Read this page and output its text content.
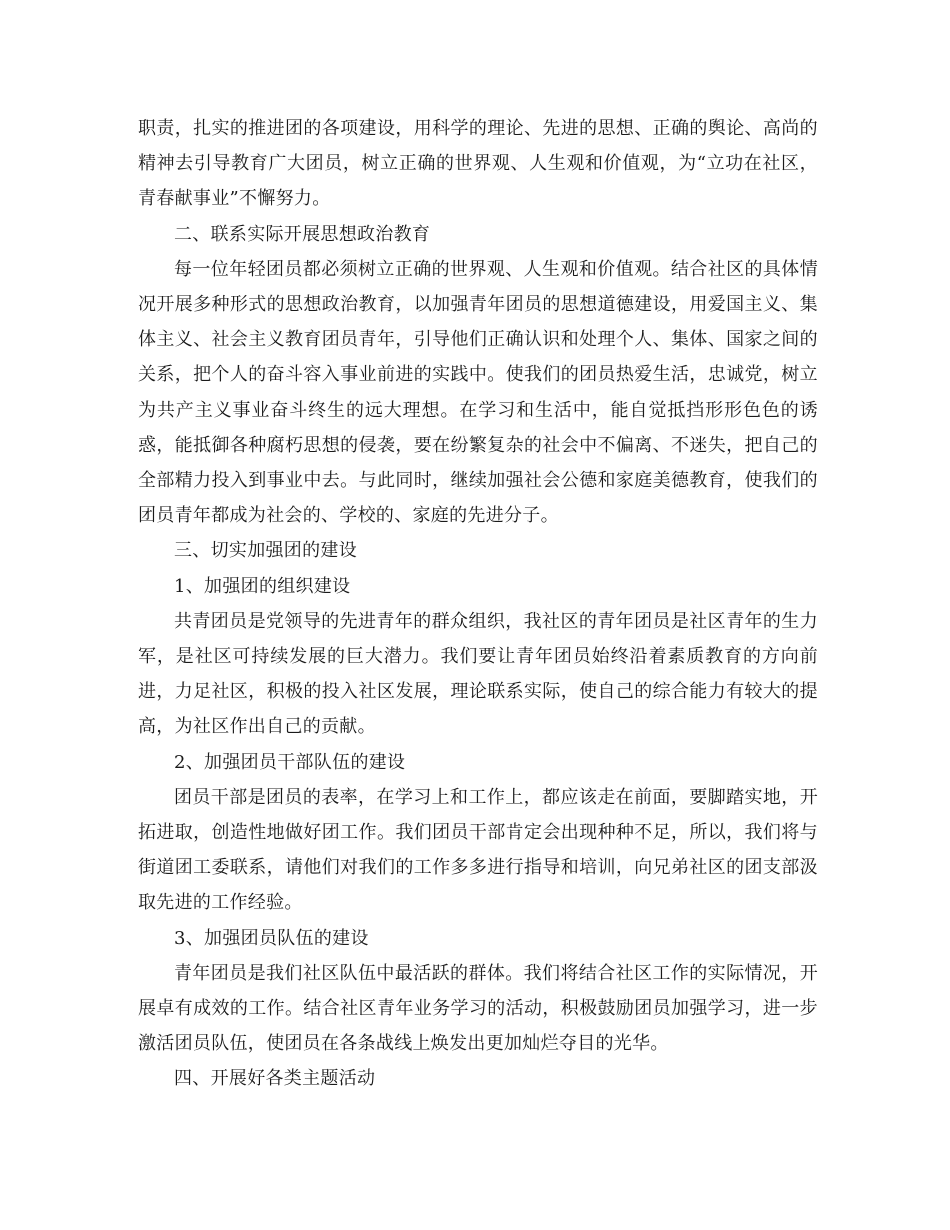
职责，扎实的推进团的各项建设，用科学的理论、先进的思想、正确的舆论、高尚的精神去引导教育广大团员，树立正确的世界观、人生观和价值观，为“立功在社区，青春献事业”不懈努力。

二、联系实际开展思想政治教育

每一位年轻团员都必须树立正确的世界观、人生观和价值观。结合社区的具体情况开展多种形式的思想政治教育，以加强青年团员的思想道德建设，用爱国主义、集体主义、社会主义教育团员青年，引导他们正确认识和处理个人、集体、国家之间的关系，把个人的奋斗容入事业前进的实践中。使我们的团员热爱生活，忠诚党，树立为共产主义事业奋斗终生的远大理想。在学习和生活中，能自觉抵挡形形色色的诱惑，能抵御各种腐朽思想的侵袭，要在纷繁复杂的社会中不偏离、不迷失，把自己的全部精力投入到事业中去。与此同时，继续加强社会公德和家庭美德教育，使我们的团员青年都成为社会的、学校的、家庭的先进分子。

三、切实加强团的建设

1、加强团的组织建设

共青团员是党领导的先进青年的群众组织，我社区的青年团员是社区青年的生力军，是社区可持续发展的巨大潜力。我们要让青年团员始终沿着素质教育的方向前进，力足社区，积极的投入社区发展，理论联系实际，使自己的综合能力有较大的提高，为社区作出自己的贡献。

2、加强团员干部队伍的建设

团员干部是团员的表率，在学习上和工作上，都应该走在前面，要脚踏实地，开拓进取，创造性地做好团工作。我们团员干部肯定会出现种种不足，所以，我们将与街道团工委联系，请他们对我们的工作多多进行指导和培训，向兄弟社区的团支部汲取先进的工作经验。

3、加强团员队伍的建设

青年团员是我们社区队伍中最活跃的群体。我们将结合社区工作的实际情况，开展卓有成效的工作。结合社区青年业务学习的活动，积极鼓励团员加强学习，进一步激活团员队伍，使团员在各条战线上焕发出更加灿烂夺目的光华。

四、开展好各类主题活动
